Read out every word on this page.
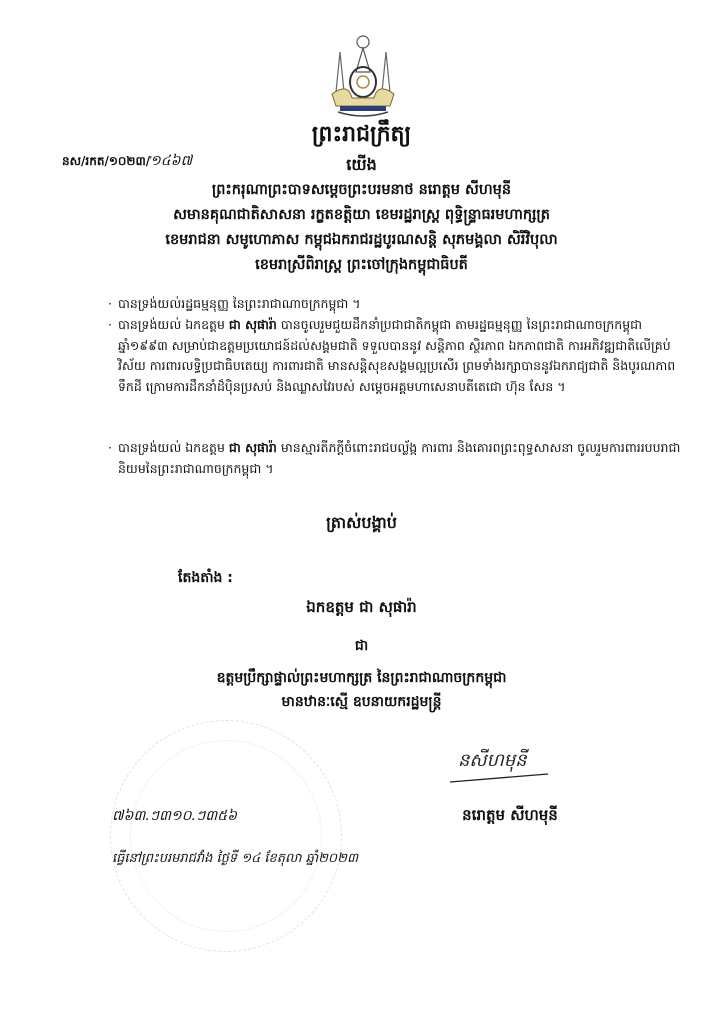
ព្រះរាជក្រឹត្យ
នស/រកត/១០២៣/ᡃ១៤៦៧	យើង
ព្រះករុណាព្រះបាទសម្តេចព្រះបរមនាថ នរោត្តម សីហមុនី
សមានគុណជាតិសាសនា រក្ខតខត្តិយា ខេមរដ្ឋរាស្ត្រ ពុទ្ធិន្ទ្រាធរមហាក្សត្រ
ខេមរាជនា សមូហោភាស កម្ពុជឯករាជរដ្ឋបូរណសន្តិ សុភមង្គលា សិរីវិបុលា
ខេមរាស្រីពិរាស្ត្រ ព្រះចៅក្រុងកម្ពុជាធិបតី
· បានទ្រង់យល់រដ្ឋធម្មនុញ្ញ នៃព្រះរាជាណាចក្រកម្ពុជា ។
· បានទ្រង់យល់ ឯកឧត្តម ជា សុផារ៉ា បានចូលរួមជួយដឹកនាំប្រជាជាតិកម្ពុជា តាមរដ្ឋធម្មនុញ្ញ នៃព្រះរាជាណាចក្រកម្ពុជា ឆ្នាំ១៩៩៣ សម្រាប់ជាឧត្តមប្រយោជន៍ដល់សង្គមជាតិ ទទួលបាននូវ សន្តិភាព ស្ថិរភាព ឯកភាពជាតិ ការអភិវឌ្ឍជាតិលើគ្រប់វិស័យ ការពារលទ្ធិប្រជាធិបតេយ្យ ការពារជាតិ មានសន្តិសុខសង្គមល្អប្រសើរ ព្រមទាំងរក្សាបាននូវឯករាជ្យជាតិ និងបូរណភាព ទឹកដី ក្រោមការដឹកនាំដ៏ប៉ិនប្រសប់ និងឈ្លាសវៃរបស់ សម្តេចអគ្គមហាសេនាបតីតេជោ ហ៊ុន សែន ។
· បានទ្រង់យល់ ឯកឧត្តម ជា សុផារ៉ា មានស្មារតីភក្តីចំពោះរាជបល្ល័ង្ក ការពារ និងគោរពព្រះពុទ្ធសាសនា ចូលរួមការពាររបបរាជានិយមនៃព្រះរាជាណាចក្រកម្ពុជា ។
ត្រាស់បង្គាប់
តែងតាំង :
ឯកឧត្តម ជា សុផារ៉ា
ជា
ឧត្តមប្រឹក្សាផ្ទាល់ព្រះមហាក្សត្រ នៃព្រះរាជាណាចក្រកម្ពុជា
មានឋានៈស្មើ ឧបនាយករដ្ឋមន្ត្រី
នសីហមុនី
នរោត្តម សីហមុនី
៧៦៣.ៗ៣១០.ៗ៣៥៦
ធ្វើនៅព្រះបរមរាជវាំង ថ្ងៃទី ១៤ ខែតុលា ឆ្នាំ២០២៣
